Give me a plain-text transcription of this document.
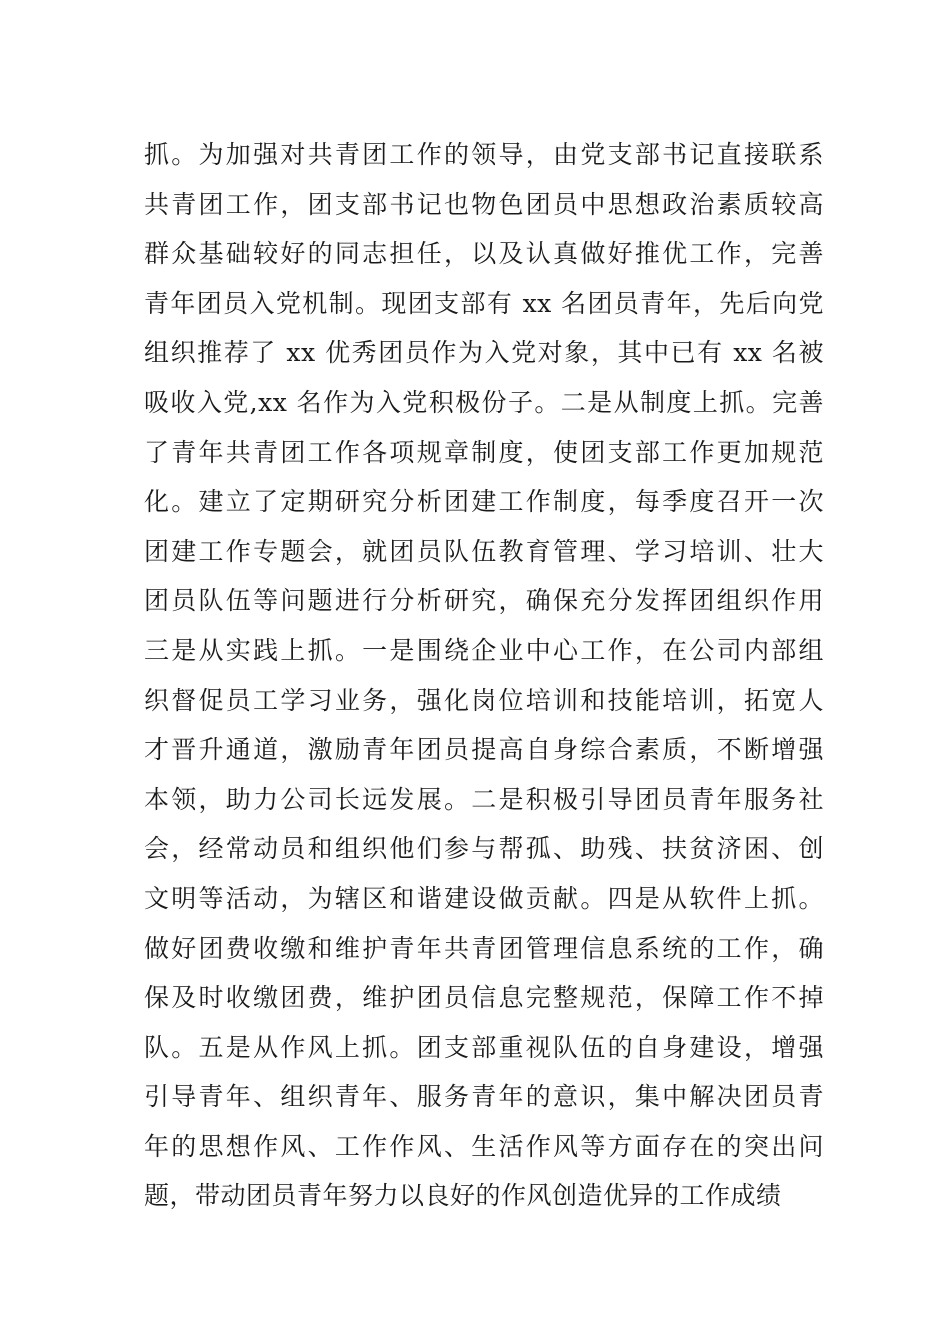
抓。为加强对共青团工作的领导，由党支部书记直接联系
共青团工作，团支部书记也物色团员中思想政治素质较高
群众基础较好的同志担任，以及认真做好推优工作，完善
青年团员入党机制。现团支部有 xx 名团员青年，先后向党
组织推荐了 xx 优秀团员作为入党对象，其中已有 xx 名被
吸收入党,xx 名作为入党积极份子。二是从制度上抓。完善
了青年共青团工作各项规章制度，使团支部工作更加规范
化。建立了定期研究分析团建工作制度，每季度召开一次
团建工作专题会，就团员队伍教育管理、学习培训、壮大
团员队伍等问题进行分析研究，确保充分发挥团组织作用
三是从实践上抓。一是围绕企业中心工作，在公司内部组
织督促员工学习业务，强化岗位培训和技能培训，拓宽人
才晋升通道，激励青年团员提高自身综合素质，不断增强
本领，助力公司长远发展。二是积极引导团员青年服务社
会，经常动员和组织他们参与帮孤、助残、扶贫济困、创
文明等活动，为辖区和谐建设做贡献。四是从软件上抓。
做好团费收缴和维护青年共青团管理信息系统的工作，确
保及时收缴团费，维护团员信息完整规范，保障工作不掉
队。五是从作风上抓。团支部重视队伍的自身建设，增强
引导青年、组织青年、服务青年的意识，集中解决团员青
年的思想作风、工作作风、生活作风等方面存在的突出问
题，带动团员青年努力以良好的作风创造优异的工作成绩
